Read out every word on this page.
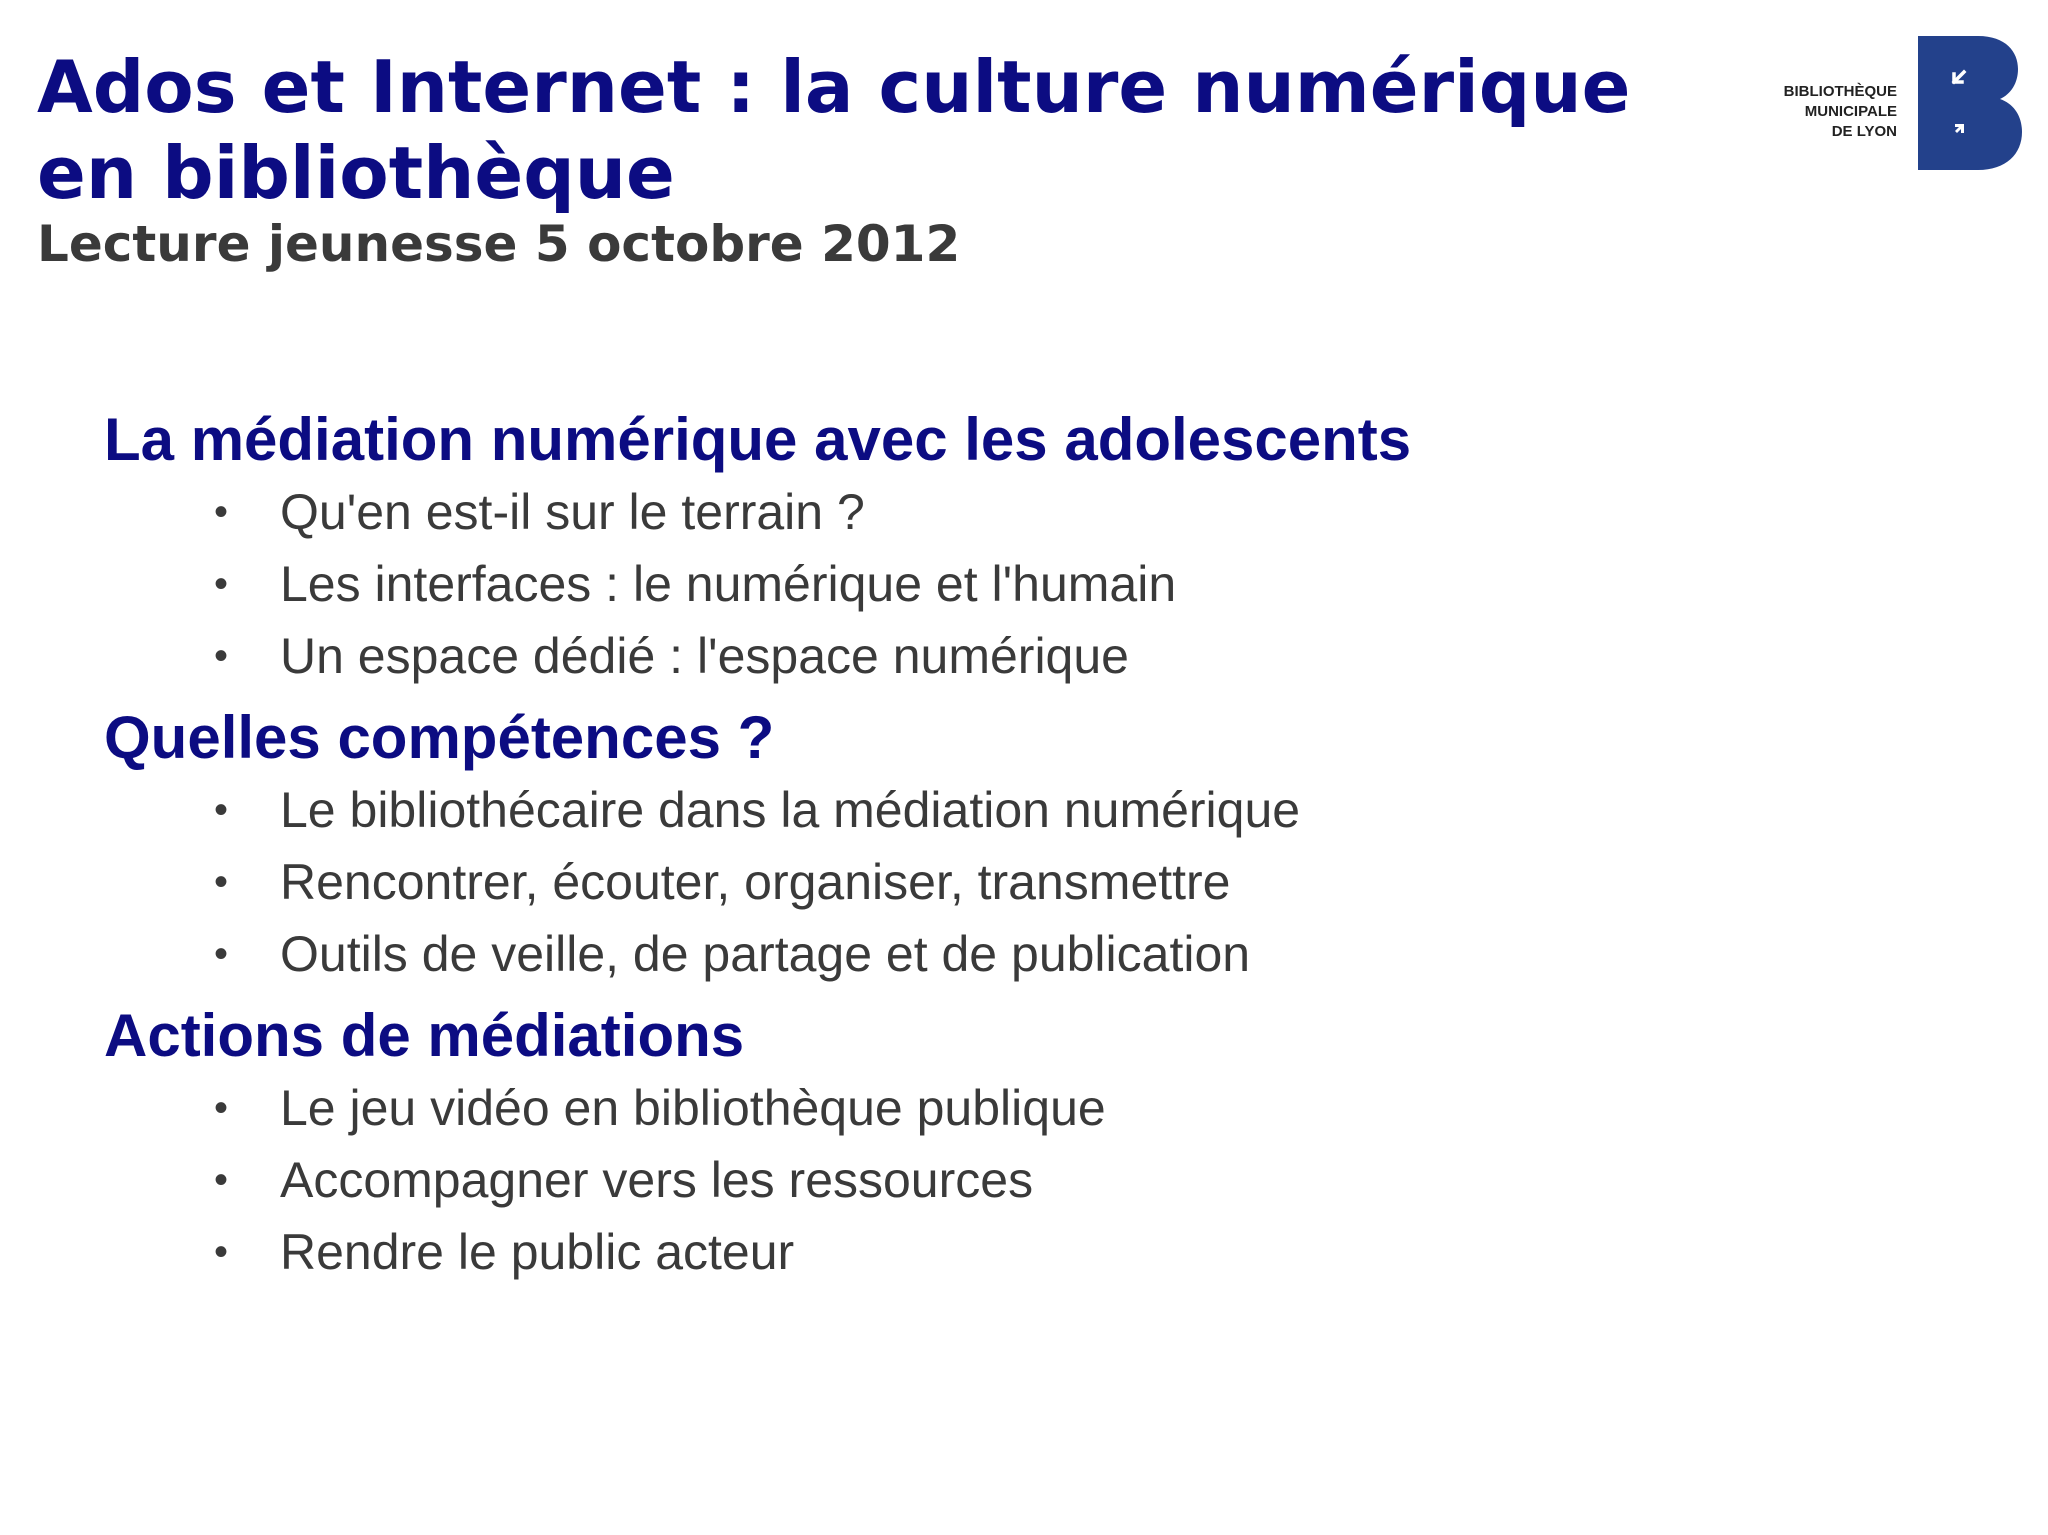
Ados et Internet : la culture numérique
en bibliothèque
Lecture jeunesse 5 octobre 2012
BIBLIOTHÈQUE
MUNICIPALE
DE LYON
La médiation numérique avec les adolescents
• Qu'en est-il sur le terrain ?
• Les interfaces : le numérique et l'humain
• Un espace dédié : l'espace numérique
Quelles compétences ?
• Le bibliothécaire dans la médiation numérique
• Rencontrer, écouter, organiser, transmettre
• Outils de veille, de partage et de publication
Actions de médiations
• Le jeu vidéo en bibliothèque publique
• Accompagner vers les ressources
• Rendre le public acteur
